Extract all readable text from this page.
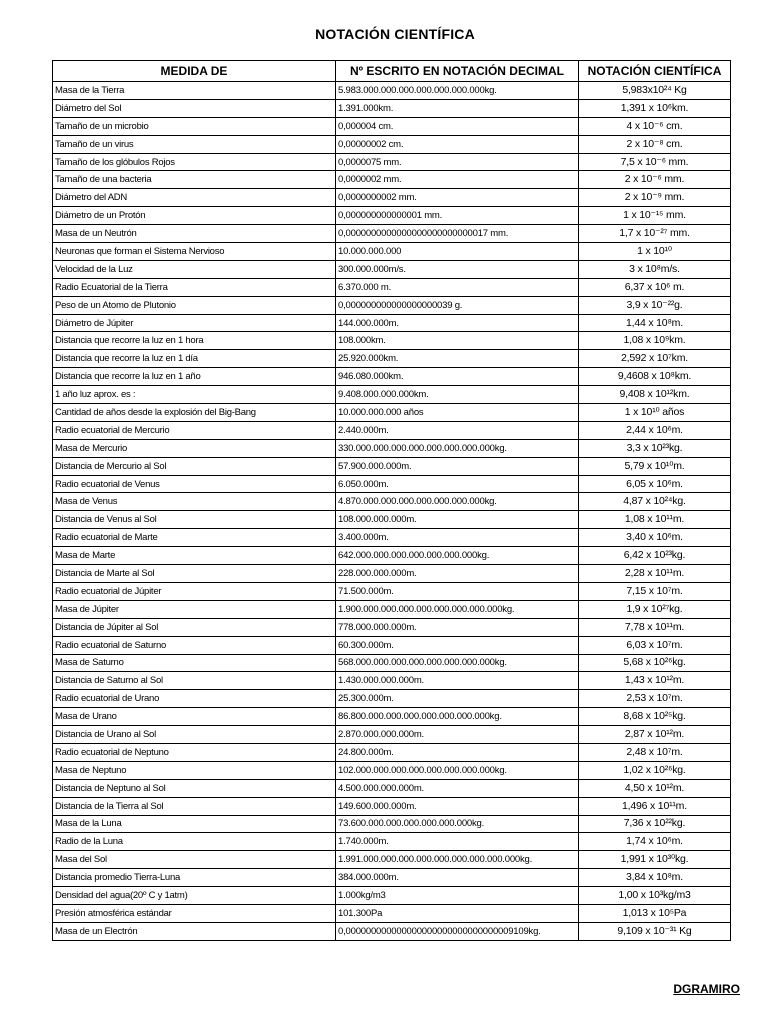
NOTACIÓN CIENTÍFICA
MEDIDA DE	Nº ESCRITO EN NOTACIÓN DECIMAL	NOTACIÓN CIENTÍFICA
Masa de la Tierra	5.983.000.000.000.000.000.000.000kg.	5,983x10²⁴ Kg
Diámetro del Sol	1.391.000km.	1,391 x 10⁶km.
Tamaño de un microbio	0,000004 cm.	4 x 10⁻⁶ cm.
Tamaño de un virus	0,00000002 cm.	2 x 10⁻⁸ cm.
Tamaño de los glóbulos Rojos	0,0000075 mm.	7,5 x 10⁻⁶ mm.
Tamaño de una bacteria	0,0000002 mm.	2 x 10⁻⁶ mm.
Diámetro del ADN	0,0000000002 mm.	2 x 10⁻⁹ mm.
Diámetro de un Protón	0,000000000000001 mm.	1 x 10⁻¹⁵ mm.
Masa de un Neutrón	0,0000000000000000000000000017 mm.	1,7 x 10⁻²⁷ mm.
Neuronas que forman el Sistema Nervioso	10.000.000.000	1 x 10¹⁰
Velocidad de la Luz	300.000.000m/s.	3 x 10⁸m/s.
Radio Ecuatorial de la Tierra	6.370.000 m.	6,37 x 10⁶ m.
Peso de un Atomo de Plutonio	0,000000000000000000039 g.	3,9 x 10⁻²²g.
Diámetro de Júpiter	144.000.000m.	1,44 x 10⁸m.
Distancia que recorre la luz en 1 hora	108.000km.	1,08 x 10⁹km.
Distancia que recorre la luz en 1 día	25.920.000km.	2,592 x 10⁷km.
Distancia que recorre la luz en 1 año	946.080.000km.	9,4608 x 10⁸km.
1 año luz aprox. es :	9.408.000.000.000km.	9,408 x 10¹²km.
Cantidad de años desde la explosión del Big-Bang	10.000.000.000 años	1 x 10¹⁰ años
Radio ecuatorial de Mercurio	2.440.000m.	2,44 x 10⁶m.
Masa de Mercurio	330.000.000.000.000.000.000.000.000kg.	3,3 x 10²³kg.
Distancia de Mercurio al Sol	57.900.000.000m.	5,79 x 10¹⁰m.
Radio ecuatorial de Venus	6.050.000m.	6,05 x 10⁶m.
Masa de Venus	4.870.000.000.000.000.000.000.000kg.	4,87 x 10²⁴kg.
Distancia de Venus al Sol	108.000.000.000m.	1,08 x 10¹¹m.
Radio ecuatorial de Marte	3.400.000m.	3,40 x 10⁶m.
Masa de Marte	642.000.000.000.000.000.000.000kg.	6,42 x 10²³kg.
Distancia de Marte al Sol	228.000.000.000m.	2,28 x 10¹¹m.
Radio ecuatorial de Júpiter	71.500.000m.	7,15 x 10⁷m.
Masa de Júpiter	1.900.000.000.000.000.000.000.000.000kg.	1,9 x 10²⁷kg.
Distancia de Júpiter al Sol	778.000.000.000m.	7,78 x 10¹¹m.
Radio ecuatorial de Saturno	60.300.000m.	6,03 x 10⁷m.
Masa de Saturno	568.000.000.000.000.000.000.000.000kg.	5,68 x 10²⁶kg.
Distancia de Saturno al Sol	1.430.000.000.000m.	1,43 x 10¹²m.
Radio ecuatorial de Urano	25.300.000m.	2,53 x 10⁷m.
Masa de Urano	86.800.000.000.000.000.000.000.000kg.	8,68 x 10²⁵kg.
Distancia de Urano al Sol	2.870.000.000.000m.	2,87 x 10¹²m.
Radio ecuatorial de Neptuno	24.800.000m.	2,48 x 10⁷m.
Masa de Neptuno	102.000.000.000.000.000.000.000.000kg.	1,02 x 10²⁶kg.
Distancia de Neptuno al Sol	4.500.000.000.000m.	4,50 x 10¹²m.
Distancia de la Tierra al Sol	149.600.000.000m.	1,496 x 10¹¹m.
Masa de la Luna	73.600.000.000.000.000.000.000kg.	7,36 x 10²²kg.
Radio de la Luna	1.740.000m.	1,74 x 10⁶m.
Masa del Sol	1.991.000.000.000.000.000.000.000.000.000kg.	1,991 x 10³⁰kg.
Distancia promedio Tierra-Luna	384.000.000m.	3,84 x 10⁸m.
Densidad del agua(20º C y 1atm)	1.000kg/m3	1,00 x 10³kg/m3
Presión atmosférica estándar	101.300Pa	1,013 x 10⁵Pa
Masa de un Electrón	0,000000000000000000000000000000009109kg.	9,109 x 10⁻³¹ Kg
DGRAMIRO
